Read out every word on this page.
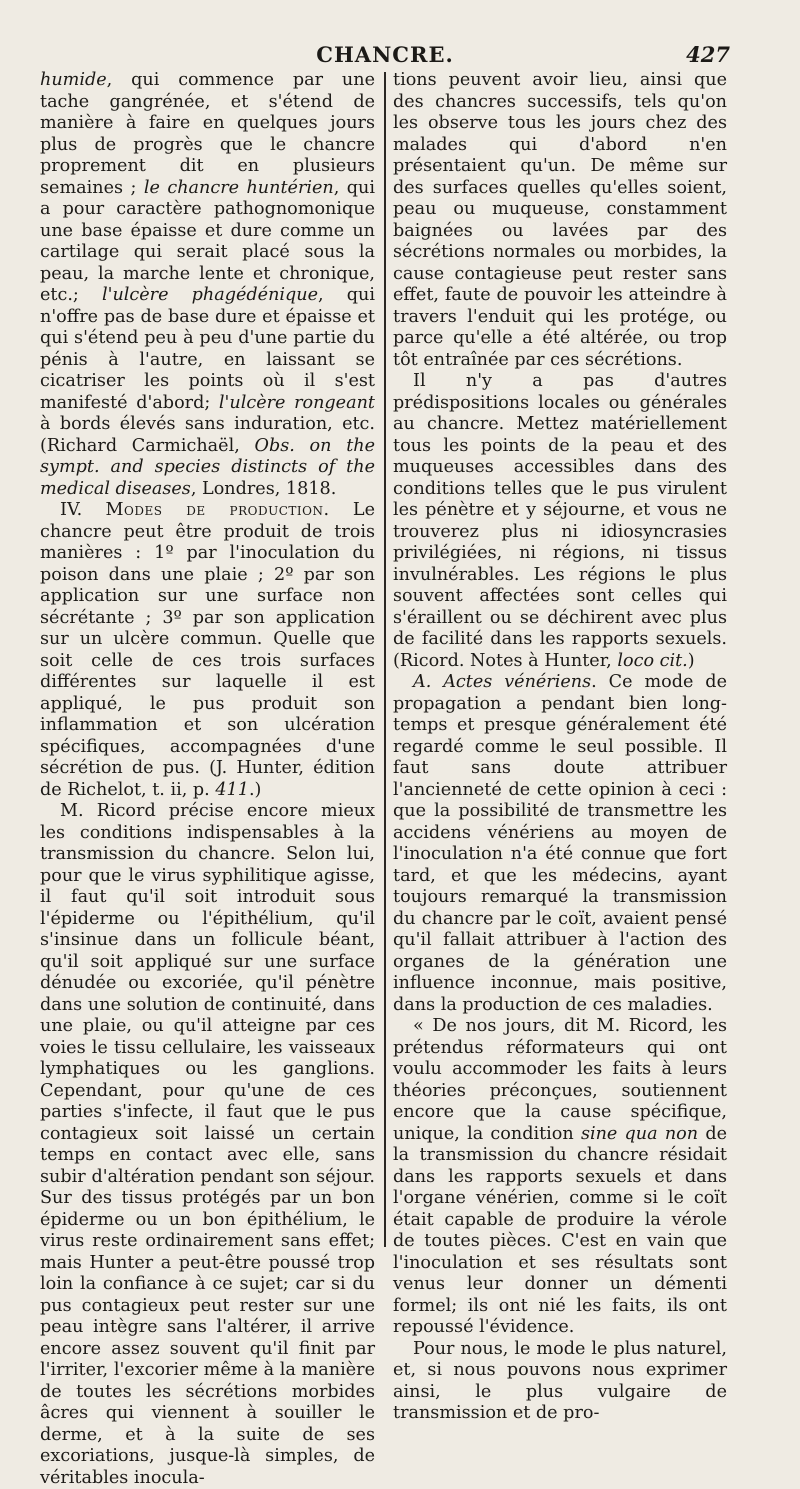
CHANCRE.	427

humide, qui commence par une tache gangrénée, et s'étend de manière à faire en quelques jours plus de progrès que le chancre proprement dit en plusieurs semaines ; le chancre huntérien, qui a pour caractère pathognomonique une base épaisse et dure comme un cartilage qui serait placé sous la peau, la marche lente et chronique, etc.; l'ulcère phagédénique, qui n'offre pas de base dure et épaisse et qui s'étend peu à peu d'une partie du pénis à l'autre, en laissant se cicatriser les points où il s'est manifesté d'abord; l'ulcère rongeant à bords élevés sans induration, etc. (Richard Carmichaël, Obs. on the sympt. and species distincts of the medical diseases, Londres, 1818.

IV. Modes de production. Le chancre peut être produit de trois manières : 1º par l'inoculation du poison dans une plaie ; 2º par son application sur une surface non sécrétante ; 3º par son application sur un ulcère commun. Quelle que soit celle de ces trois surfaces différentes sur laquelle il est appliqué, le pus produit son inflammation et son ulcération spécifiques, accompagnées d'une sécrétion de pus. (J. Hunter, édition de Richelot, t. ii, p. 411.)

M. Ricord précise encore mieux les conditions indispensables à la transmission du chancre. Selon lui, pour que le virus syphilitique agisse, il faut qu'il soit introduit sous l'épiderme ou l'épithélium, qu'il s'insinue dans un follicule béant, qu'il soit appliqué sur une surface dénudée ou excoriée, qu'il pénètre dans une solution de continuité, dans une plaie, ou qu'il atteigne par ces voies le tissu cellulaire, les vaisseaux lymphatiques ou les ganglions. Cependant, pour qu'une de ces parties s'infecte, il faut que le pus contagieux soit laissé un certain temps en contact avec elle, sans subir d'altération pendant son séjour. Sur des tissus protégés par un bon épiderme ou un bon épithélium, le virus reste ordinairement sans effet; mais Hunter a peut-être poussé trop loin la confiance à ce sujet; car si du pus contagieux peut rester sur une peau intègre sans l'altérer, il arrive encore assez souvent qu'il finit par l'irriter, l'excorier même à la manière de toutes les sécrétions morbides âcres qui viennent à souiller le derme, et à la suite de ses excoriations, jusque-là simples, de véritables inocula-

tions peuvent avoir lieu, ainsi que des chancres successifs, tels qu'on les observe tous les jours chez des malades qui d'abord n'en présentaient qu'un. De même sur des surfaces quelles qu'elles soient, peau ou muqueuse, constamment baignées ou lavées par des sécrétions normales ou morbides, la cause contagieuse peut rester sans effet, faute de pouvoir les atteindre à travers l'enduit qui les protége, ou parce qu'elle a été altérée, ou trop tôt entraînée par ces sécrétions.

Il n'y a pas d'autres prédispositions locales ou générales au chancre. Mettez matériellement tous les points de la peau et des muqueuses accessibles dans des conditions telles que le pus virulent les pénètre et y séjourne, et vous ne trouverez plus ni idiosyncrasies privilégiées, ni régions, ni tissus invulnérables. Les régions le plus souvent affectées sont celles qui s'éraillent ou se déchirent avec plus de facilité dans les rapports sexuels. (Ricord. Notes à Hunter, loco cit.)

A. Actes vénériens. Ce mode de propagation a pendant bien long-temps et presque généralement été regardé comme le seul possible. Il faut sans doute attribuer l'ancienneté de cette opinion à ceci : que la possibilité de transmettre les accidens vénériens au moyen de l'inoculation n'a été connue que fort tard, et que les médecins, ayant toujours remarqué la transmission du chancre par le coït, avaient pensé qu'il fallait attribuer à l'action des organes de la génération une influence inconnue, mais positive, dans la production de ces maladies.

« De nos jours, dit M. Ricord, les prétendus réformateurs qui ont voulu accommoder les faits à leurs théories préconçues, soutiennent encore que la cause spécifique, unique, la condition sine qua non de la transmission du chancre résidait dans les rapports sexuels et dans l'organe vénérien, comme si le coït était capable de produire la vérole de toutes pièces. C'est en vain que l'inoculation et ses résultats sont venus leur donner un démenti formel; ils ont nié les faits, ils ont repoussé l'évidence.

Pour nous, le mode le plus naturel, et, si nous pouvons nous exprimer ainsi, le plus vulgaire de transmission et de pro-
